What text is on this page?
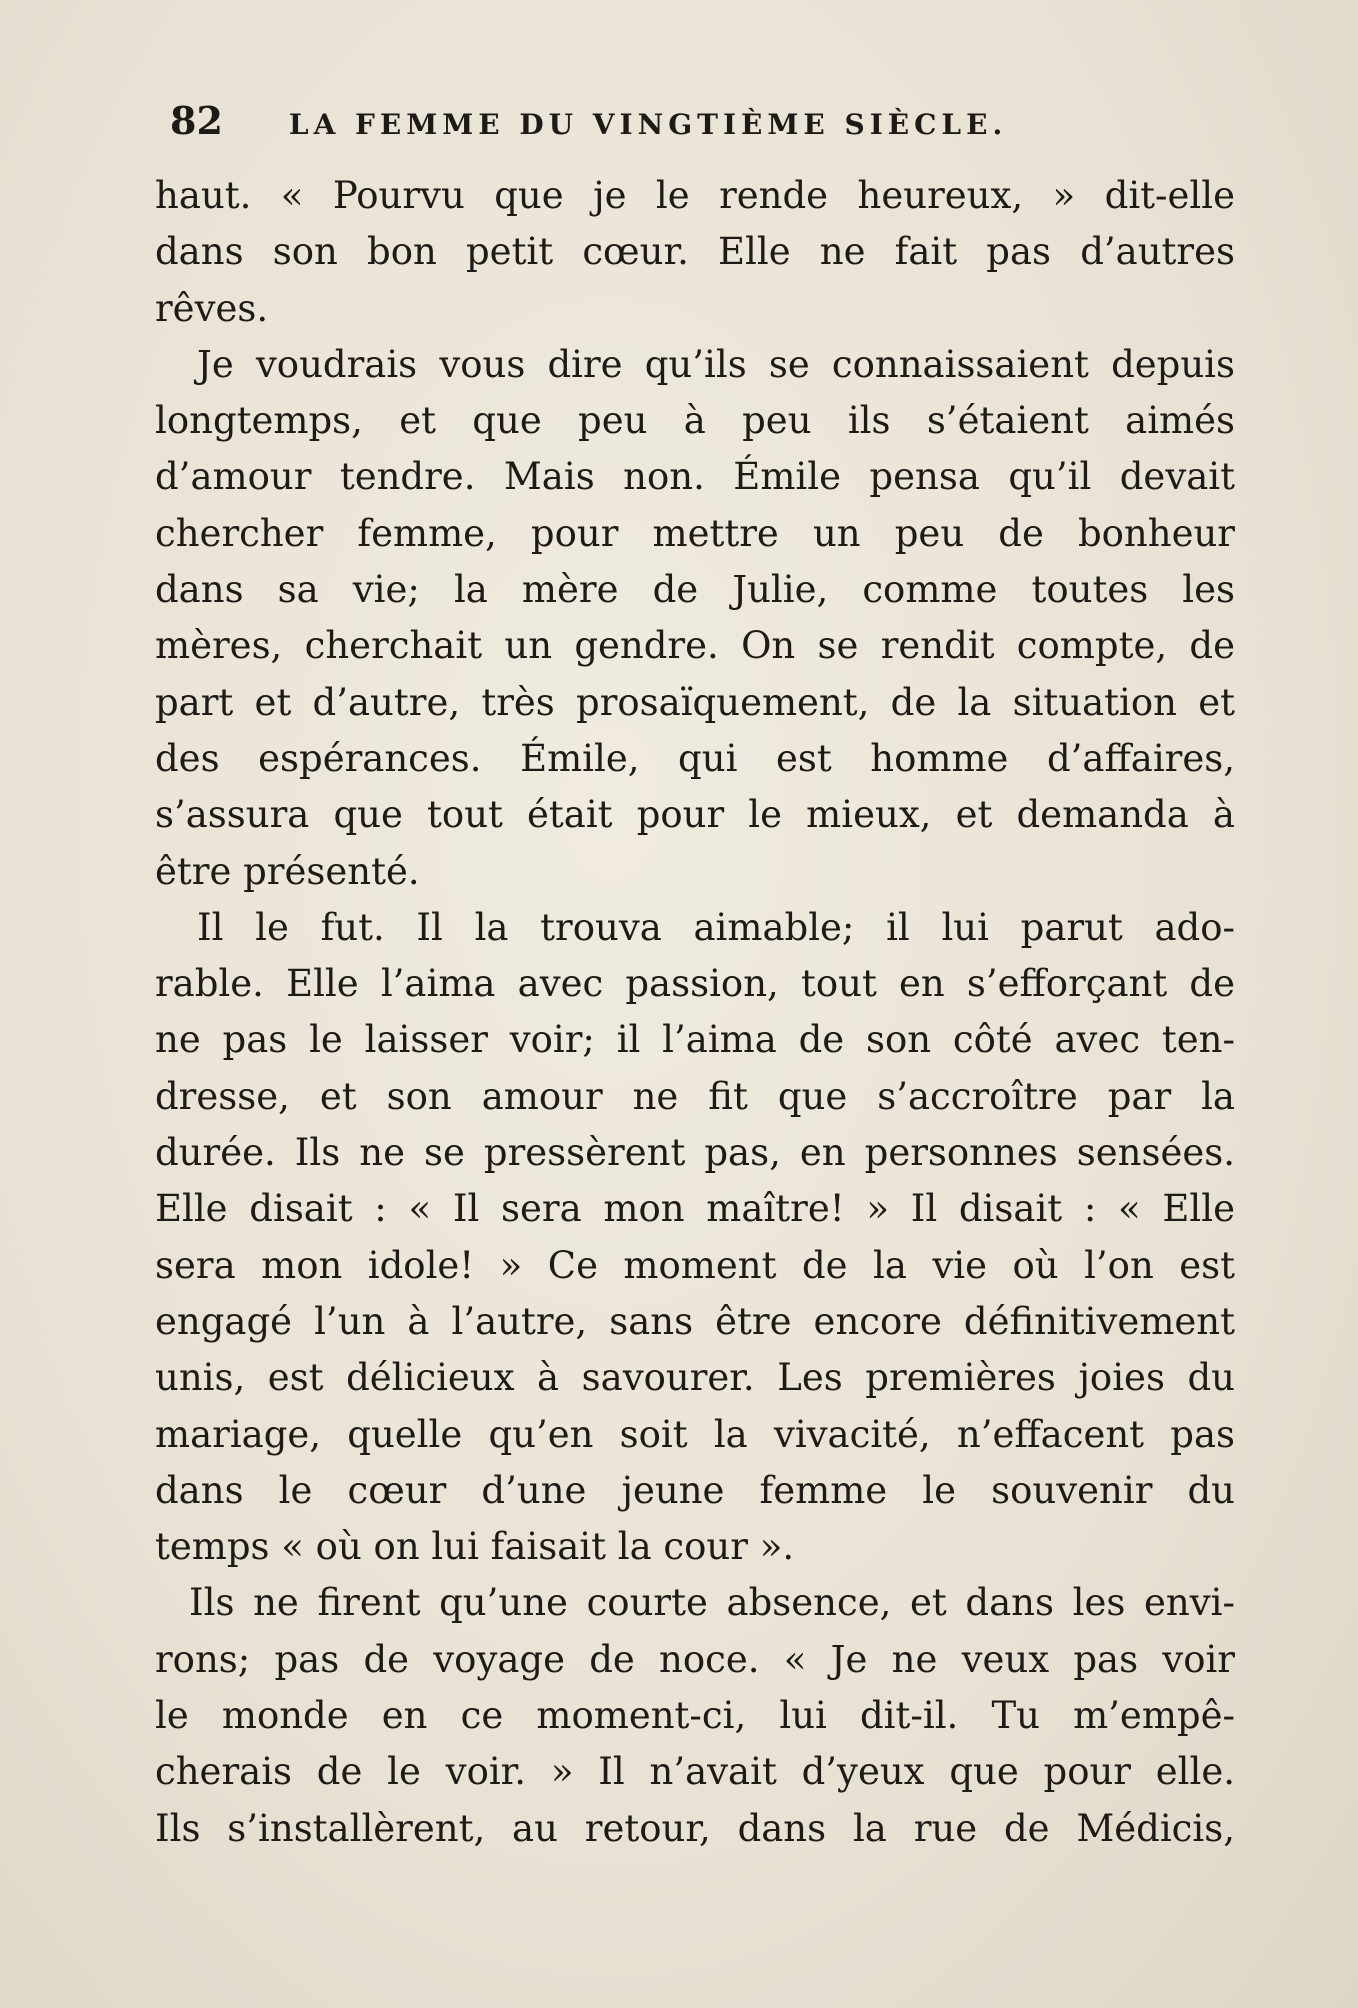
82 LA FEMME DU VINGTIÈME SIÈCLE.
haut. « Pourvu que je le rende heureux, » dit-elle
dans son bon petit cœur. Elle ne fait pas d’autres
rêves.
Je voudrais vous dire qu’ils se connaissaient depuis
longtemps, et que peu à peu ils s’étaient aimés
d’amour tendre. Mais non. Émile pensa qu’il devait
chercher femme, pour mettre un peu de bonheur
dans sa vie; la mère de Julie, comme toutes les
mères, cherchait un gendre. On se rendit compte, de
part et d’autre, très prosaïquement, de la situation et
des espérances. Émile, qui est homme d’affaires,
s’assura que tout était pour le mieux, et demanda à
être présenté.
Il le fut. Il la trouva aimable; il lui parut ado-
rable. Elle l’aima avec passion, tout en s’efforçant de
ne pas le laisser voir; il l’aima de son côté avec ten-
dresse, et son amour ne fit que s’accroître par la
durée. Ils ne se pressèrent pas, en personnes sensées.
Elle disait : « Il sera mon maître! » Il disait : « Elle
sera mon idole! » Ce moment de la vie où l’on est
engagé l’un à l’autre, sans être encore définitivement
unis, est délicieux à savourer. Les premières joies du
mariage, quelle qu’en soit la vivacité, n’effacent pas
dans le cœur d’une jeune femme le souvenir du
temps « où on lui faisait la cour ».
Ils ne firent qu’une courte absence, et dans les envi-
rons; pas de voyage de noce. « Je ne veux pas voir
le monde en ce moment-ci, lui dit-il. Tu m’empê-
cherais de le voir. » Il n’avait d’yeux que pour elle.
Ils s’installèrent, au retour, dans la rue de Médicis,
